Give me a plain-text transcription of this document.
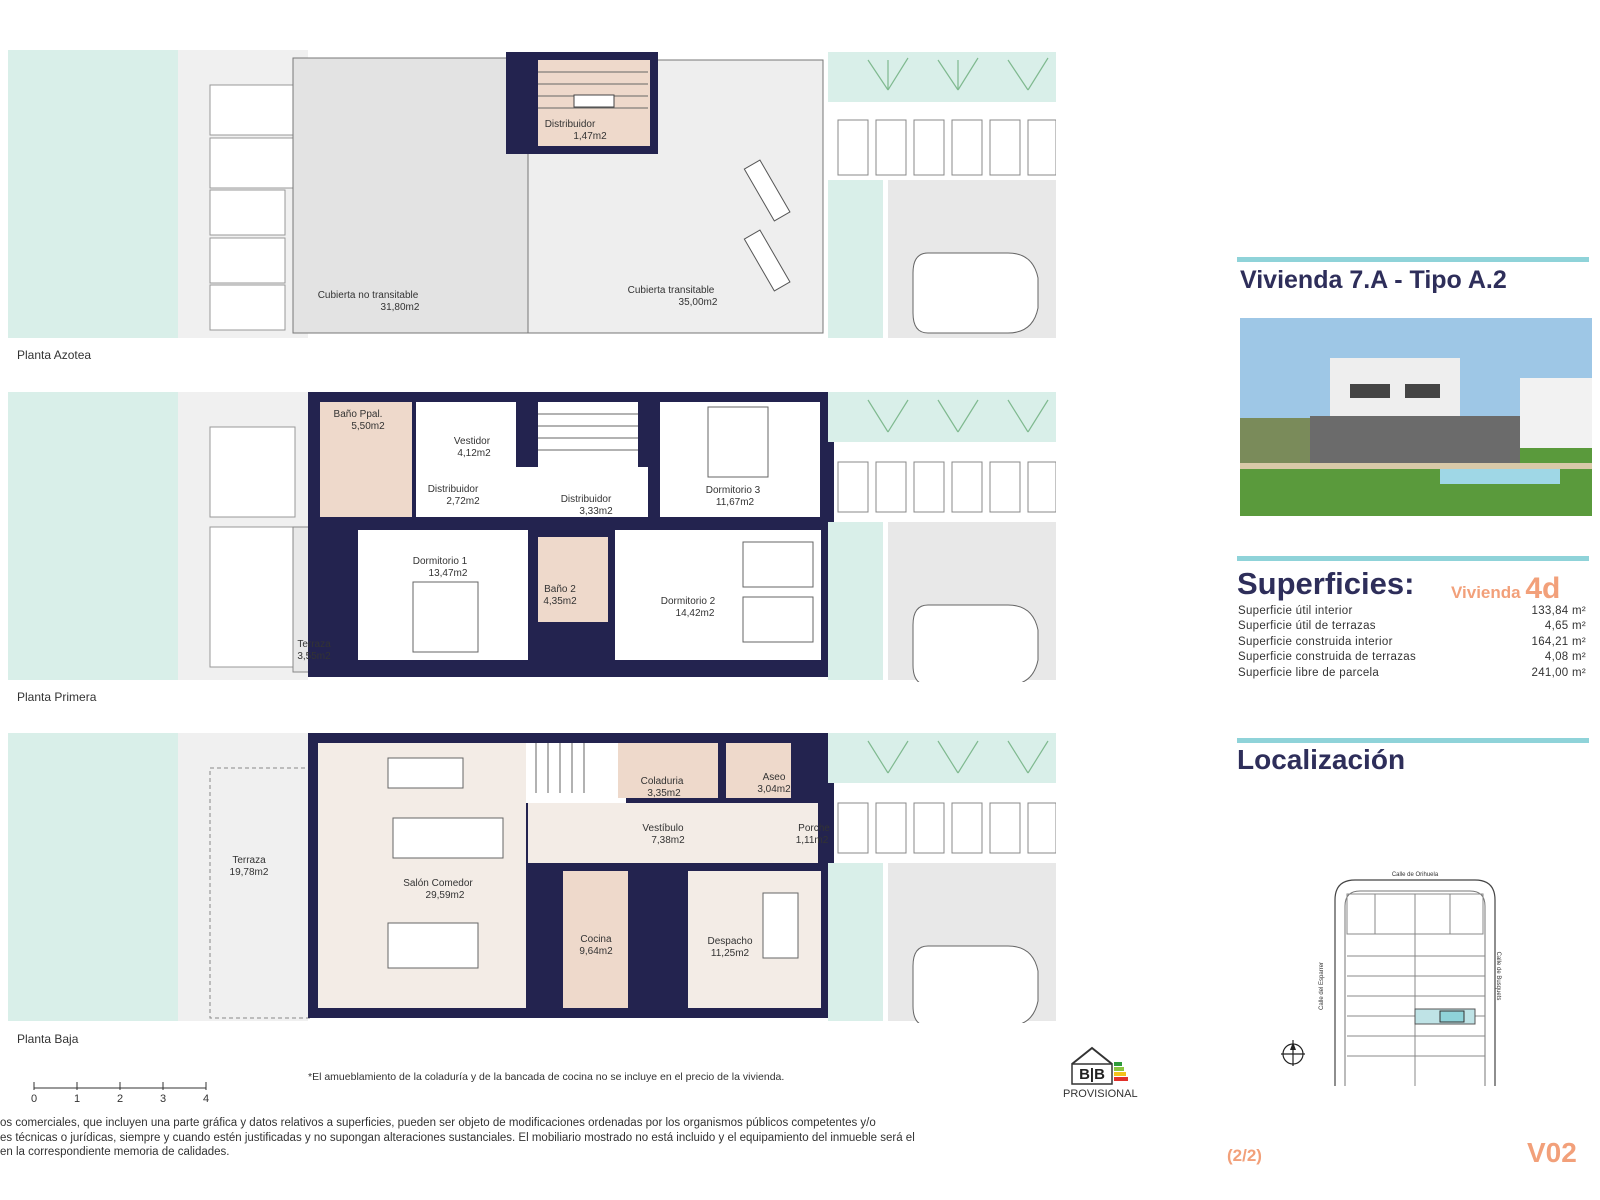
Distribuidor
1,47m2
Cubierta no transitable
31,80m2
Cubierta transitable
35,00m2
Planta Azotea
Baño Ppal.
5,50m2
Vestidor
4,12m2
Distribuidor
2,72m2	Distribuidor
3,33m2
Dormitorio 3
11,67m2
Dormitorio 1
13,47m2
Baño 2
4,35m2	Dormitorio 2
14,42m2
Terraza
3,55m2
Planta Primera
Coladuria
3,35m2
Aseo
3,04m2
Vestíbulo
7,38m2
Porche
1,11m2
Terraza
19,78m2
Salón Comedor
29,59m2
Cocina
9,64m2
Despacho
11,25m2
Planta Baja
0	1	2	3	4
*El amueblamiento de la coladuría y de la bancada de cocina no se incluye en el precio de la vivienda.	B|B
PROVISIONAL
os comerciales, que incluyen una parte gráfica y datos relativos a superficies, pueden ser objeto de modificaciones ordenadas por los organismos públicos competentes y/o
es técnicas o jurídicas, siempre y cuando estén justificadas y no supongan alteraciones sustanciales. El mobiliario mostrado no está incluido y el equipamiento del inmueble será el
en la correspondiente memoria de calidades.
Vivienda 7.A - Tipo A.2
Superficies: Vivienda 4d
Superficie útil interior	133,84 m²
Superficie útil de terrazas	4,65 m²
Superficie construida interior	164,21 m²
Superficie construida de terrazas	4,08 m²
Superficie libre de parcela	241,00 m²
Localización
Calle de Orihuela
Calle del Esparrer	Calle de Busquets
(2/2)	V02
